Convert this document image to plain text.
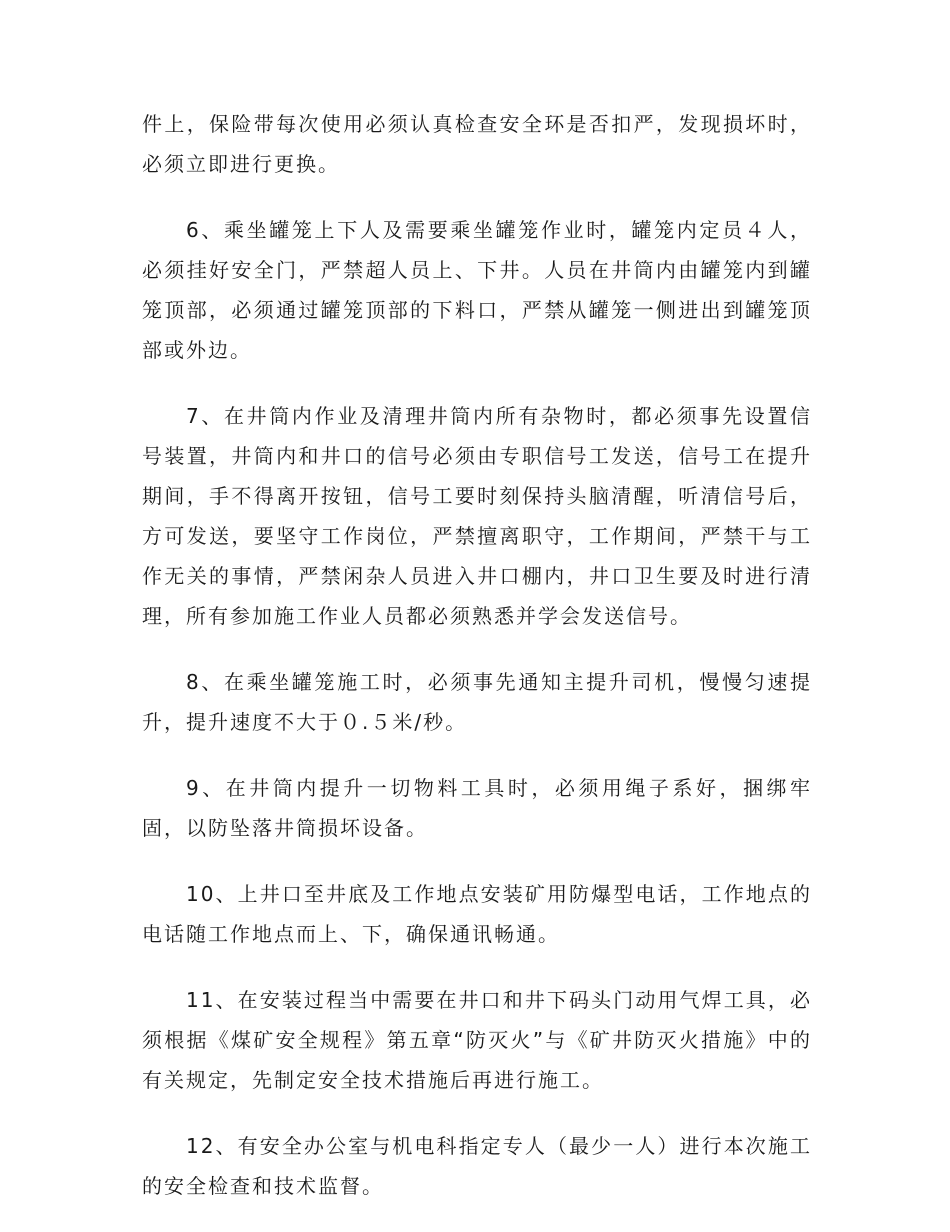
件上，保险带每次使用必须认真检查安全环是否扣严，发现损坏时，必须立即进行更换。

6、乘坐罐笼上下人及需要乘坐罐笼作业时，罐笼内定员４人，必须挂好安全门，严禁超人员上、下井。人员在井筒内由罐笼内到罐笼顶部，必须通过罐笼顶部的下料口，严禁从罐笼一侧进出到罐笼顶部或外边。

7、在井筒内作业及清理井筒内所有杂物时，都必须事先设置信号装置，井筒内和井口的信号必须由专职信号工发送，信号工在提升期间，手不得离开按钮，信号工要时刻保持头脑清醒，听清信号后，方可发送，要坚守工作岗位，严禁擅离职守，工作期间，严禁干与工作无关的事情，严禁闲杂人员进入井口棚内，井口卫生要及时进行清理，所有参加施工作业人员都必须熟悉并学会发送信号。

8、在乘坐罐笼施工时，必须事先通知主提升司机，慢慢匀速提升，提升速度不大于０.５米/秒。

9、在井筒内提升一切物料工具时，必须用绳子系好，捆绑牢固，以防坠落井筒损坏设备。

10、上井口至井底及工作地点安装矿用防爆型电话，工作地点的电话随工作地点而上、下，确保通讯畅通。

11、在安装过程当中需要在井口和井下码头门动用气焊工具，必须根据《煤矿安全规程》第五章“防灭火”与《矿井防灭火措施》中的有关规定，先制定安全技术措施后再进行施工。

12、有安全办公室与机电科指定专人（最少一人）进行本次施工的安全检查和技术监督。
